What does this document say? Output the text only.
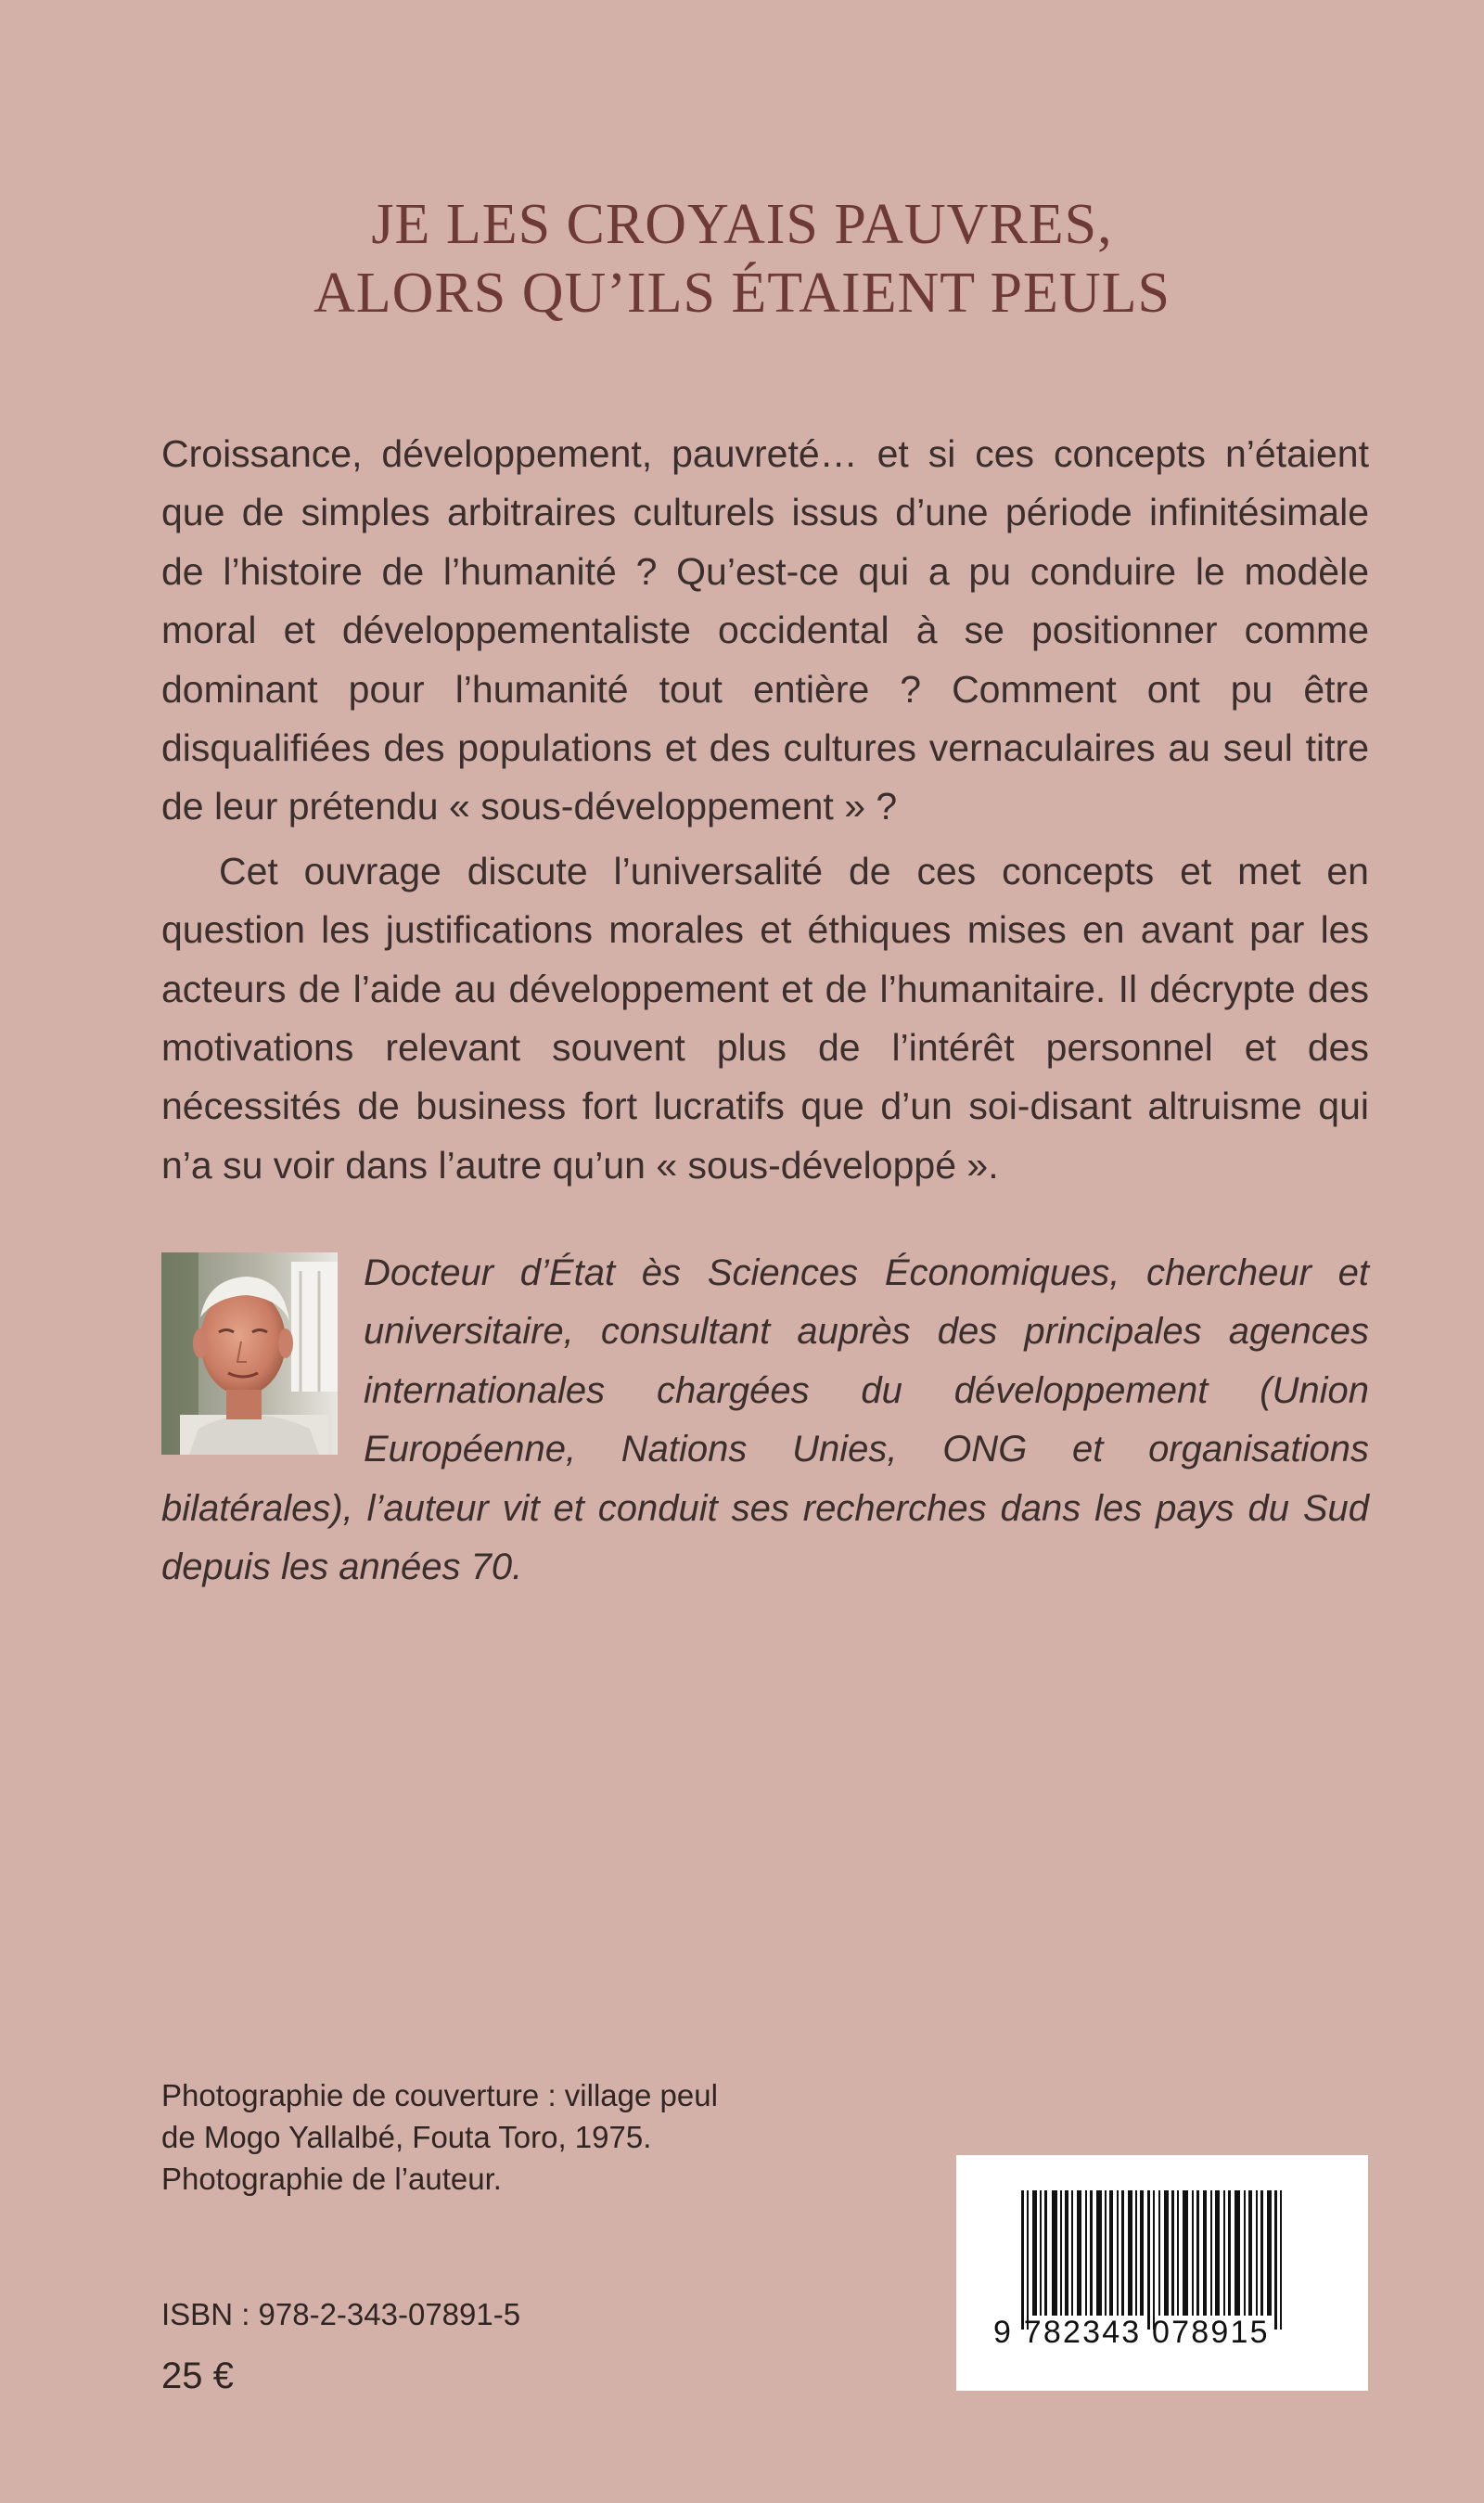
JE LES CROYAIS PAUVRES,
ALORS QU’ILS ÉTAIENT PEULS

Croissance, développement, pauvreté… et si ces concepts n’étaient que de simples arbitraires culturels issus d’une période infinitésimale de l’histoire de l’humanité ? Qu’est-ce qui a pu conduire le modèle moral et développementaliste occidental à se positionner comme dominant pour l’humanité tout entière ? Comment ont pu être disqualifiées des populations et des cultures vernaculaires au seul titre de leur prétendu « sous-développement » ?

Cet ouvrage discute l’universalité de ces concepts et met en question les justifications morales et éthiques mises en avant par les acteurs de l’aide au développement et de l’humanitaire. Il décrypte des motivations relevant souvent plus de l’intérêt personnel et des nécessités de business fort lucratifs que d’un soi-disant altruisme qui n’a su voir dans l’autre qu’un « sous-développé ».

Docteur d’État ès Sciences Économiques, chercheur et universitaire, consultant auprès des principales agences internationales chargées du développement (Union Européenne, Nations Unies, ONG et organisations bilatérales), l’auteur vit et conduit ses recherches dans les pays du Sud depuis les années 70.
Photographie de couverture : village peul
de Mogo Yallalbé, Fouta Toro, 1975.
Photographie de l’auteur.
ISBN : 978-2-343-07891-5
25 €
9 782343 078915
